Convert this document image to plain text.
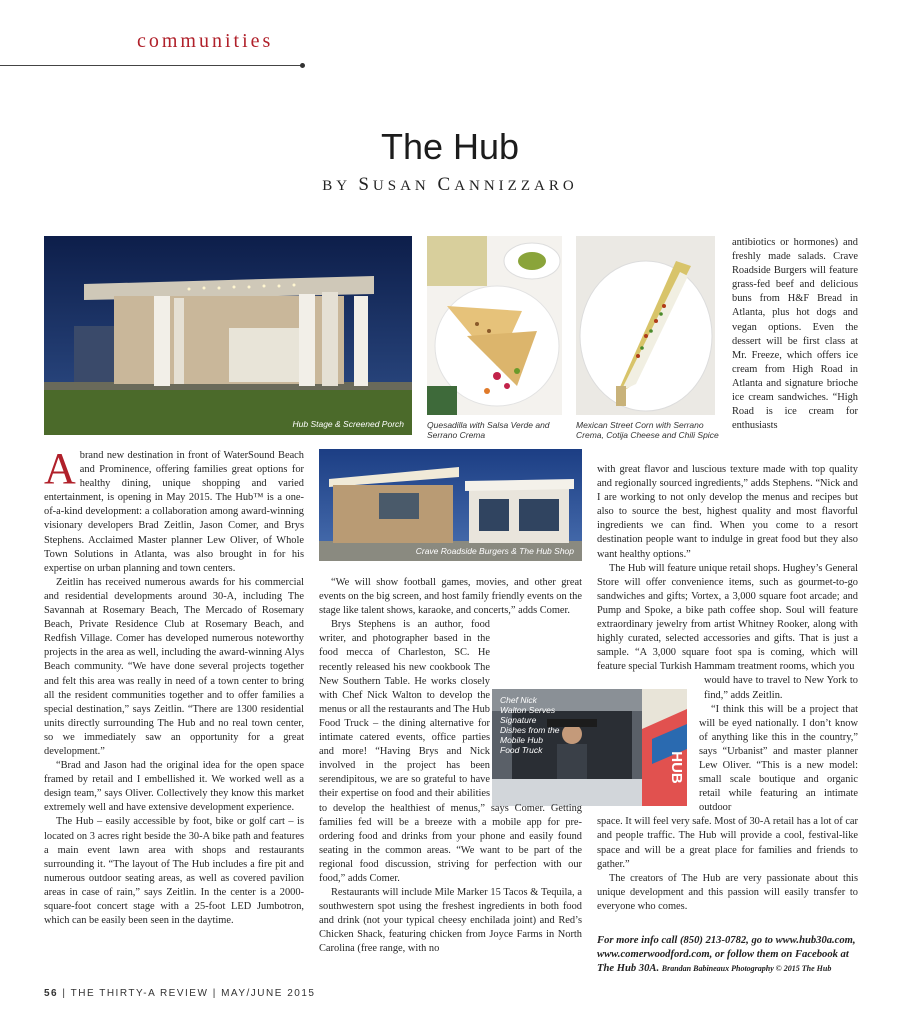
communities
The Hub
BY SUSAN CANNIZZARO
Hub Stage & Screened Porch	Quesadilla with Salsa Verde and Serrano Crema
Mexican Street Corn with Serrano Crema, Cotija Cheese and Chili Spice
Crave Roadside Burgers & The Hub Shop
HUB
Chef Nick Walton Serves Signature Dishes from the Mobile Hub Food Truck

Abrand new destination in front of WaterSound Beach and Prominence, offering families great options for healthy dining, unique shopping and varied entertainment, is opening in May 2015. The Hub™ is a one-of-a-kind development: a collaboration among award-winning visionary developers Brad Zeitlin, Jason Comer, and Brys Stephens. Acclaimed Master planner Lew Oliver, of Whole Town Solutions in Atlanta, was also brought in for his expertise on urban planning and town centers.

Zeitlin has received numerous awards for his commercial and residential developments around 30-A, including The Savannah at Rosemary Beach, The Mercado of Rosemary Beach, Private Residence Club at Rosemary Beach, and Redfish Village. Comer has developed numerous noteworthy projects in the area as well, including the award-winning Alys Beach community. “We have done several projects together and felt this area was really in need of a town center to bring all the resident communities together and to offer families a special destination,” says Zeitlin. “There are 1300 residential units directly surrounding The Hub and no real town center, so we immediately saw an opportunity for a great development.”

“Brad and Jason had the original idea for the open space framed by retail and I embellished it. We worked well as a design team,” says Oliver. Collectively they know this market extremely well and have extensive development experience.

The Hub – easily accessible by foot, bike or golf cart – is located on 3 acres right beside the 30-A bike path and features a main event lawn area with shops and restaurants surrounding it. “The layout of The Hub includes a fire pit and numerous outdoor seating areas, as well as covered pavilion areas in case of rain,” says Zeitlin. In the center is a 2000-square-foot concert stage with a 25-foot LED Jumbotron, which can be easily been seen in the daytime.

“We will show football games, movies, and other great events on the big screen, and host family friendly events on the stage like talent shows, karaoke, and concerts,” adds Comer.

Brys Stephens is an author, food writer, and photographer based in the food mecca of Charleston, SC. He recently released his new cookbook The New Southern Table. He works closely with Chef Nick Walton to develop the menus or all the restaurants and The Hub Food Truck – the dining alternative for intimate catered events, office parties and more! “Having Brys and Nick involved in the project has been serendipitous, we are so grateful to have their expertise on food and their abilities to develop the healthiest of menus,” says Comer. Getting families fed will be a breeze with a mobile app for pre-ordering food and drinks from your phone and easily found seating in the common areas. “We want to be part of the regional food discussion, striving for perfection with our food,” adds Comer.

Restaurants will include Mile Marker 15 Tacos & Tequila, a southwestern spot using the freshest ingredients in both food and drink (not your typical cheesy enchilada joint) and Red’s Chicken Shack, featuring chicken from Joyce Farms in North Carolina (free range, with no

antibiotics or hormones) and freshly made salads. Crave Roadside Burgers will feature grass-fed beef and delicious buns from H&F Bread in Atlanta, plus hot dogs and vegan options. Even the dessert will be first class at Mr. Freeze, which offers ice cream from High Road in Atlanta and signature brioche ice cream sandwiches. “High Road is ice cream for enthusiasts

with great flavor and luscious texture made with top quality and regionally sourced ingredients,” adds Stephens. “Nick and I are working to not only develop the menus and recipes but also to source the best, highest quality and most flavorful ingredients we can find. When you come to a resort destination people want to indulge in great food but they also want healthy options.”

The Hub will feature unique retail shops. Hughey’s General Store will offer convenience items, such as gourmet-to-go sandwiches and gifts; Vortex, a 3,000 square foot arcade; and Pump and Spoke, a bike path coffee shop. Soul will feature extraordinary jewelry from artist Whitney Rooker, along with highly curated, selected accessories and gifts. That is just a sample. “A 3,000 square foot spa is coming, which will feature special Turkish Hammam treatment rooms, which you

would have to travel to New York to find,” adds Zeitlin.

“I think this will be a project that will be eyed nationally. I don’t know of anything like this in the country,” says “Urbanist” and master planner Lew Oliver. “This is a new model: small scale boutique and organic retail while featuring an intimate outdoor

space. It will feel very safe. Most of 30-A retail has a lot of car and people traffic. The Hub will provide a cool, festival-like space and will be a great place for families and friends to gather.”

The creators of The Hub are very passionate about this unique development and this passion will easily transfer to everyone who comes.

For more info call (850) 213-0782, go to www.hub30a.com, www.comerwoodford.com, or follow them on Facebook at The Hub 30A. Brandan Babineaux Photography © 2015 The Hub
56 | THE THIRTY-A REVIEW | MAY/JUNE 2015
